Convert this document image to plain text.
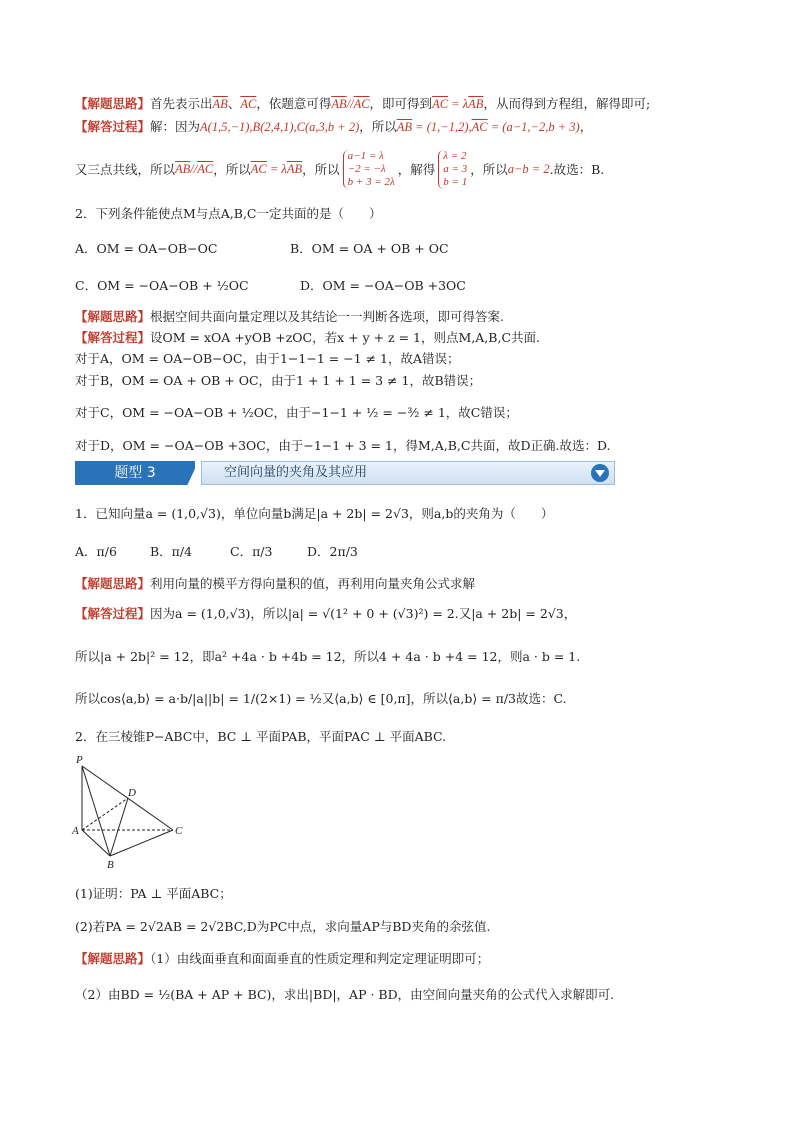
【解题思路】首先表示出$\overline{AB}$、$\overline{AC}$，依题意可得$\overline{AB}//\overline{AC}$，即可得到$\overline{AC} = \lambda\overline{AB}$，从而得到方程组，解得即可;
【解答过程】解：因为A(1,5,−1),B(2,4,1),C(a,3,b + 2)，所以$\overline{AB} = (1,-1,2),\overline{AC} = (a-1,-2,b + 3)$，
又三点共线，所以$\overline{AB}//\overline{AC}$，所以$\overline{AC} = \lambda\overline{AB}$，所以
a−1 = λ
−2 = −λ
b + 3 = 2λ
，解得
λ = 2
a = 3
b = 1
，所以a−b = 2.故选：B.
2．下列条件能使点M与点A,B,C一定共面的是（　　）
A．OM = OA−OB−OC	B．OM = OA + OB + OC
C．OM = −OA−OB + ½OC	D．OM = −OA−OB +3OC
【解题思路】根据空间共面向量定理以及其结论一一判断各选项，即可得答案.
【解答过程】设OM = xOA +yOB +zOC，若x + y + z = 1，则点M,A,B,C共面.
对于A，OM = OA−OB−OC，由于1−1−1 = −1 ≠ 1，故A错误；
对于B，OM = OA + OB + OC，由于1 + 1 + 1 = 3 ≠ 1，故B错误；
对于C，OM = −OA−OB + ½OC，由于−1−1 + ½ = −³⁄₂ ≠ 1，故C错误；
对于D，OM = −OA−OB +3OC，由于−1−1 + 3 = 1，得M,A,B,C共面，故D正确.故选：D.
题型 3	空间向量的夹角及其应用
1．已知向量a = (1,0,√3)，单位向量b满足|a + 2b| = 2√3，则a,b的夹角为（　　）
A．π/6	B．π/4	C．π/3	D．2π/3
【解题思路】利用向量的模平方得向量积的值，再利用向量夹角公式求解
【解答过程】因为a = (1,0,√3)，所以|a| = √(1² + 0 + (√3)²) = 2.又|a + 2b| = 2√3，
所以|a + 2b|² = 12，即a² +4a · b +4b = 12，所以4 + 4a · b +4 = 12，则a · b = 1.
所以cos⟨a,b⟩ = a·b/|a||b| = 1/(2×1) = ½又⟨a,b⟩ ∈ [0,π]，所以⟨a,b⟩ = π/3故选：C.
2．在三棱锥P−ABC中，BC ⊥ 平面PAB，平面PAC ⊥ 平面ABC.
P
D
A	C
B
(1)证明：PA ⊥ 平面ABC；
(2)若PA = 2√2AB = 2√2BC,D为PC中点，求向量AP与BD夹角的余弦值.
【解题思路】（1）由线面垂直和面面垂直的性质定理和判定定理证明即可；
（2）由BD = ½(BA + AP + BC)，求出|BD|，AP · BD，由空间向量夹角的公式代入求解即可.
